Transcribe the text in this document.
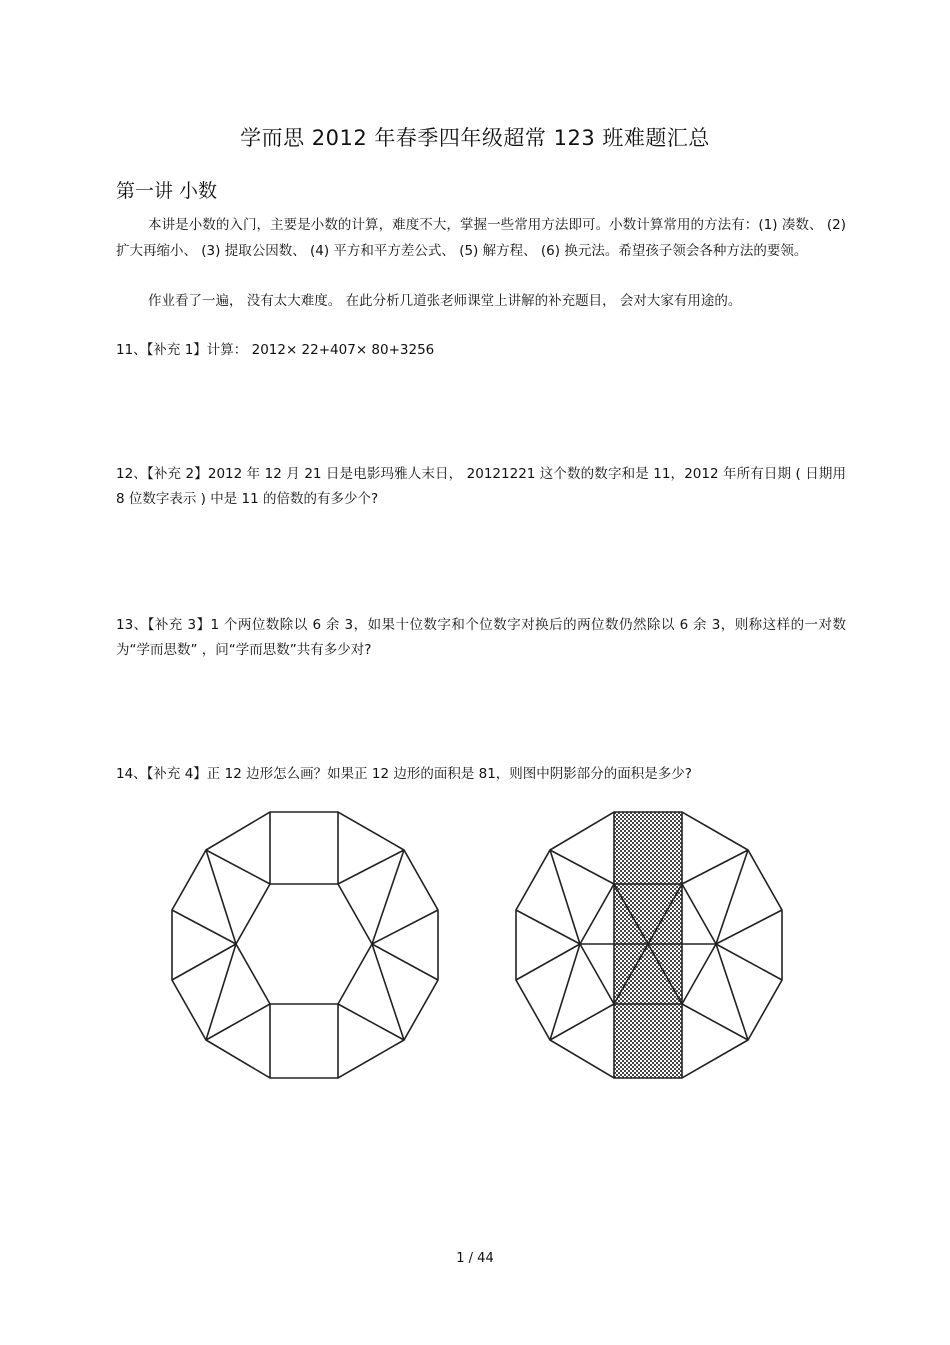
学而思 2012 年春季四年级超常 123 班难题汇总
第一讲 小数
本讲是小数的入门，主要是小数的计算，难度不大，掌握一些常用方法即可。小数计算常用的方法有：(1) 凑数、 (2) 扩大再缩小、 (3) 提取公因数、 (4) 平方和平方差公式、 (5) 解方程、 (6) 换元法。希望孩子领会各种方法的要领。
作业看了一遍， 没有太大难度。 在此分析几道张老师课堂上讲解的补充题目， 会对大家有用途的。
11、【补充 1】计算： 2012× 22+407× 80+3256
12、【补充 2】2012 年 12 月 21 日是电影玛雅人末日， 20121221 这个数的数字和是 11，2012 年所有日期 ( 日期用 8 位数字表示 ) 中是 11 的倍数的有多少个?
13、【补充 3】1 个两位数除以 6 余 3，如果十位数字和个位数字对换后的两位数仍然除以 6 余 3，则称这样的一对数为“学而思数” ，问“学而思数”共有多少对?
14、【补充 4】正 12 边形怎么画？如果正 12 边形的面积是 81，则图中阴影部分的面积是多少?
1 / 44
